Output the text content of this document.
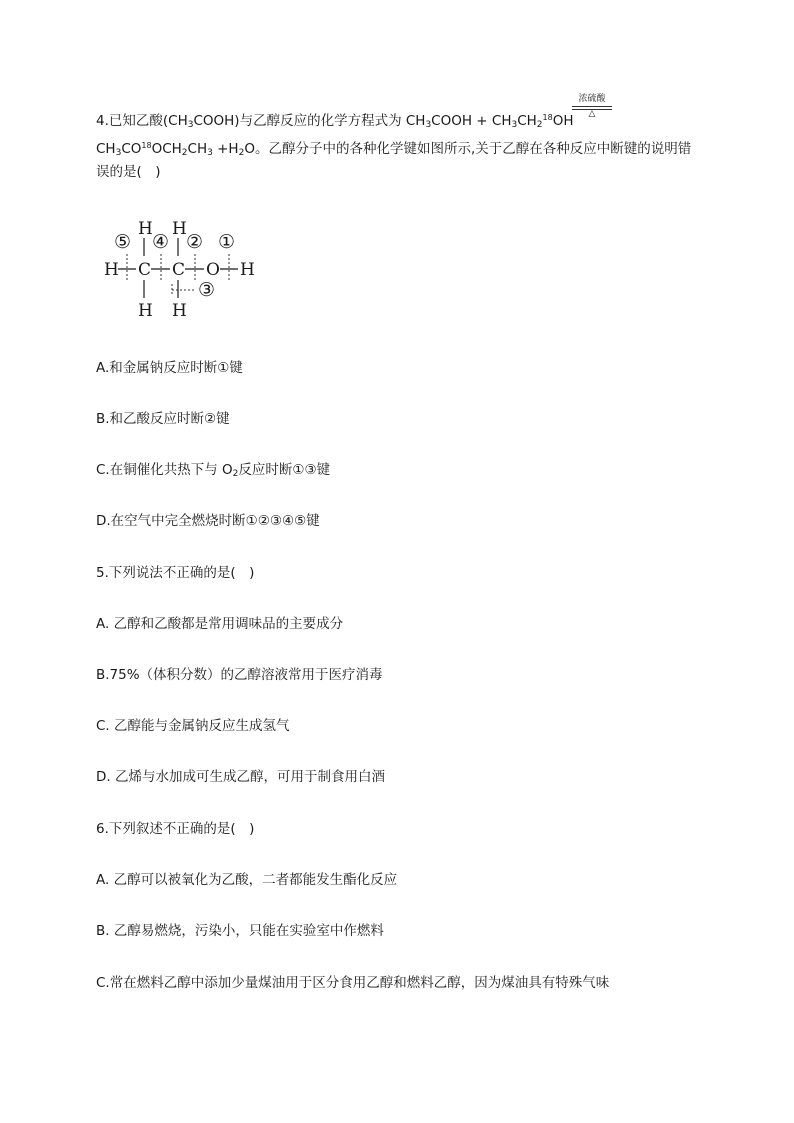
4.已知乙酸$(CH_3COOH)$与乙醇反应的化学方程式为 $CH_3COOH + CH_3CH_2^{18}OH$
浓硫酸
△
$CH_3CO^{18}OCH_2CH_3 +H_2O$。乙醇分子中的各种化学键如图所示,关于乙醇在各种反应中断键的说明错
误的是(　)
H H
H C C O H
H H
⑤ ④ ② ①
③
A.和金属钠反应时断①键
B.和乙酸反应时断②键
C.在铜催化共热下与 $O_2$反应时断①③键
D.在空气中完全燃烧时断①②③④⑤键
5.下列说法不正确的是(　)
A. 乙醇和乙酸都是常用调味品的主要成分
B.75%（体积分数）的乙醇溶液常用于医疗消毒
C. 乙醇能与金属钠反应生成氢气
D. 乙烯与水加成可生成乙醇，可用于制食用白酒
6.下列叙述不正确的是(　)
A. 乙醇可以被氧化为乙酸，二者都能发生酯化反应
B. 乙醇易燃烧，污染小，只能在实验室中作燃料
C.常在燃料乙醇中添加少量煤油用于区分食用乙醇和燃料乙醇，因为煤油具有特殊气味
